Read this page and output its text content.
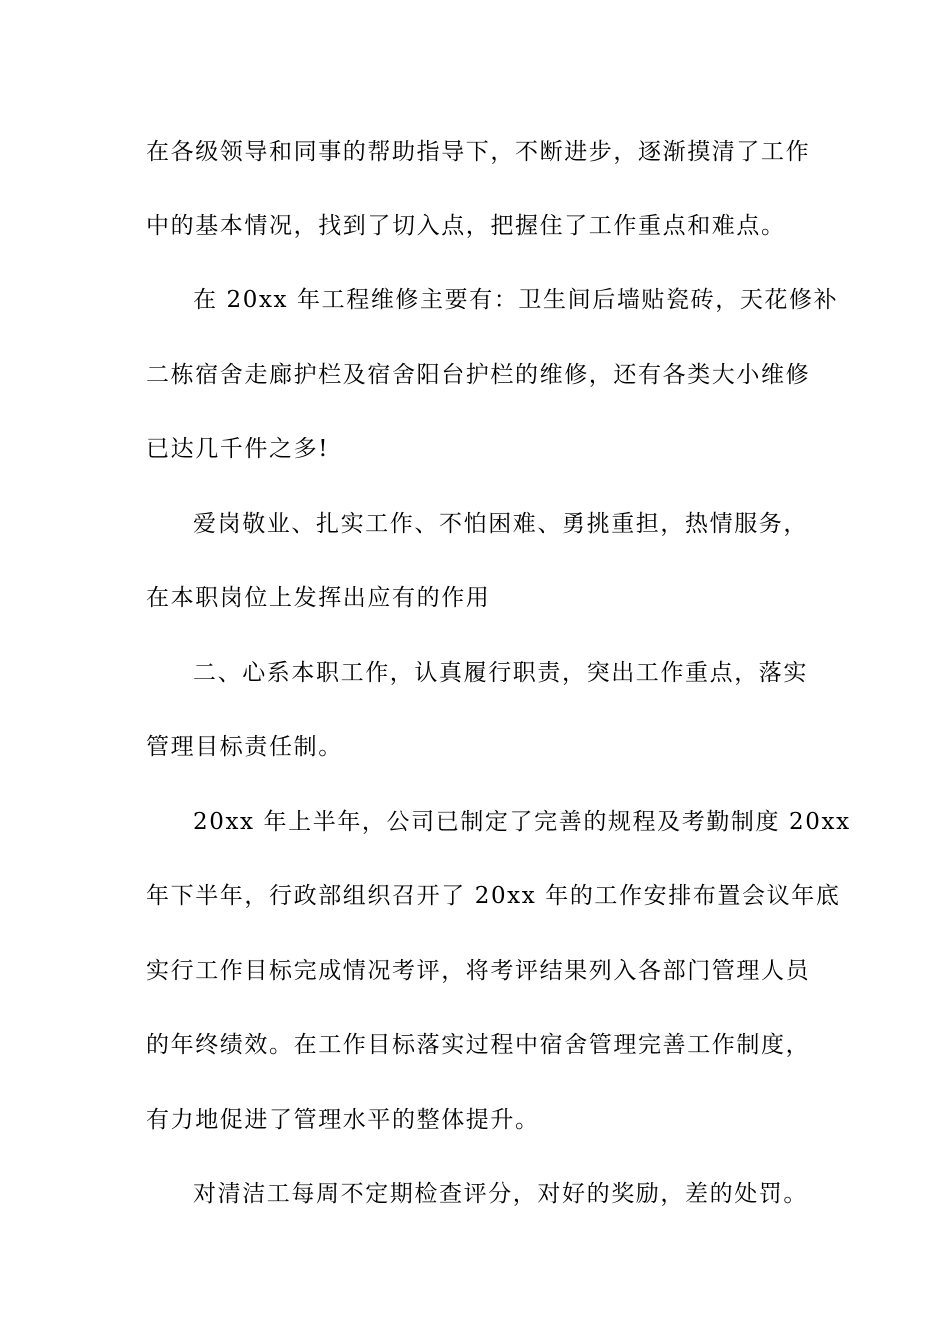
在各级领导和同事的帮助指导下，不断进步，逐渐摸清了工作
中的基本情况，找到了切入点，把握住了工作重点和难点。
在 20xx 年工程维修主要有：卫生间后墙贴瓷砖，天花修补
二栋宿舍走廊护栏及宿舍阳台护栏的维修，还有各类大小维修
已达几千件之多!
爱岗敬业、扎实工作、不怕困难、勇挑重担，热情服务，
在本职岗位上发挥出应有的作用
二、心系本职工作，认真履行职责，突出工作重点，落实
管理目标责任制。
20xx 年上半年，公司已制定了完善的规程及考勤制度 20xx
年下半年，行政部组织召开了 20xx 年的工作安排布置会议年底
实行工作目标完成情况考评，将考评结果列入各部门管理人员
的年终绩效。在工作目标落实过程中宿舍管理完善工作制度，
有力地促进了管理水平的整体提升。
对清洁工每周不定期检查评分，对好的奖励，差的处罚。
